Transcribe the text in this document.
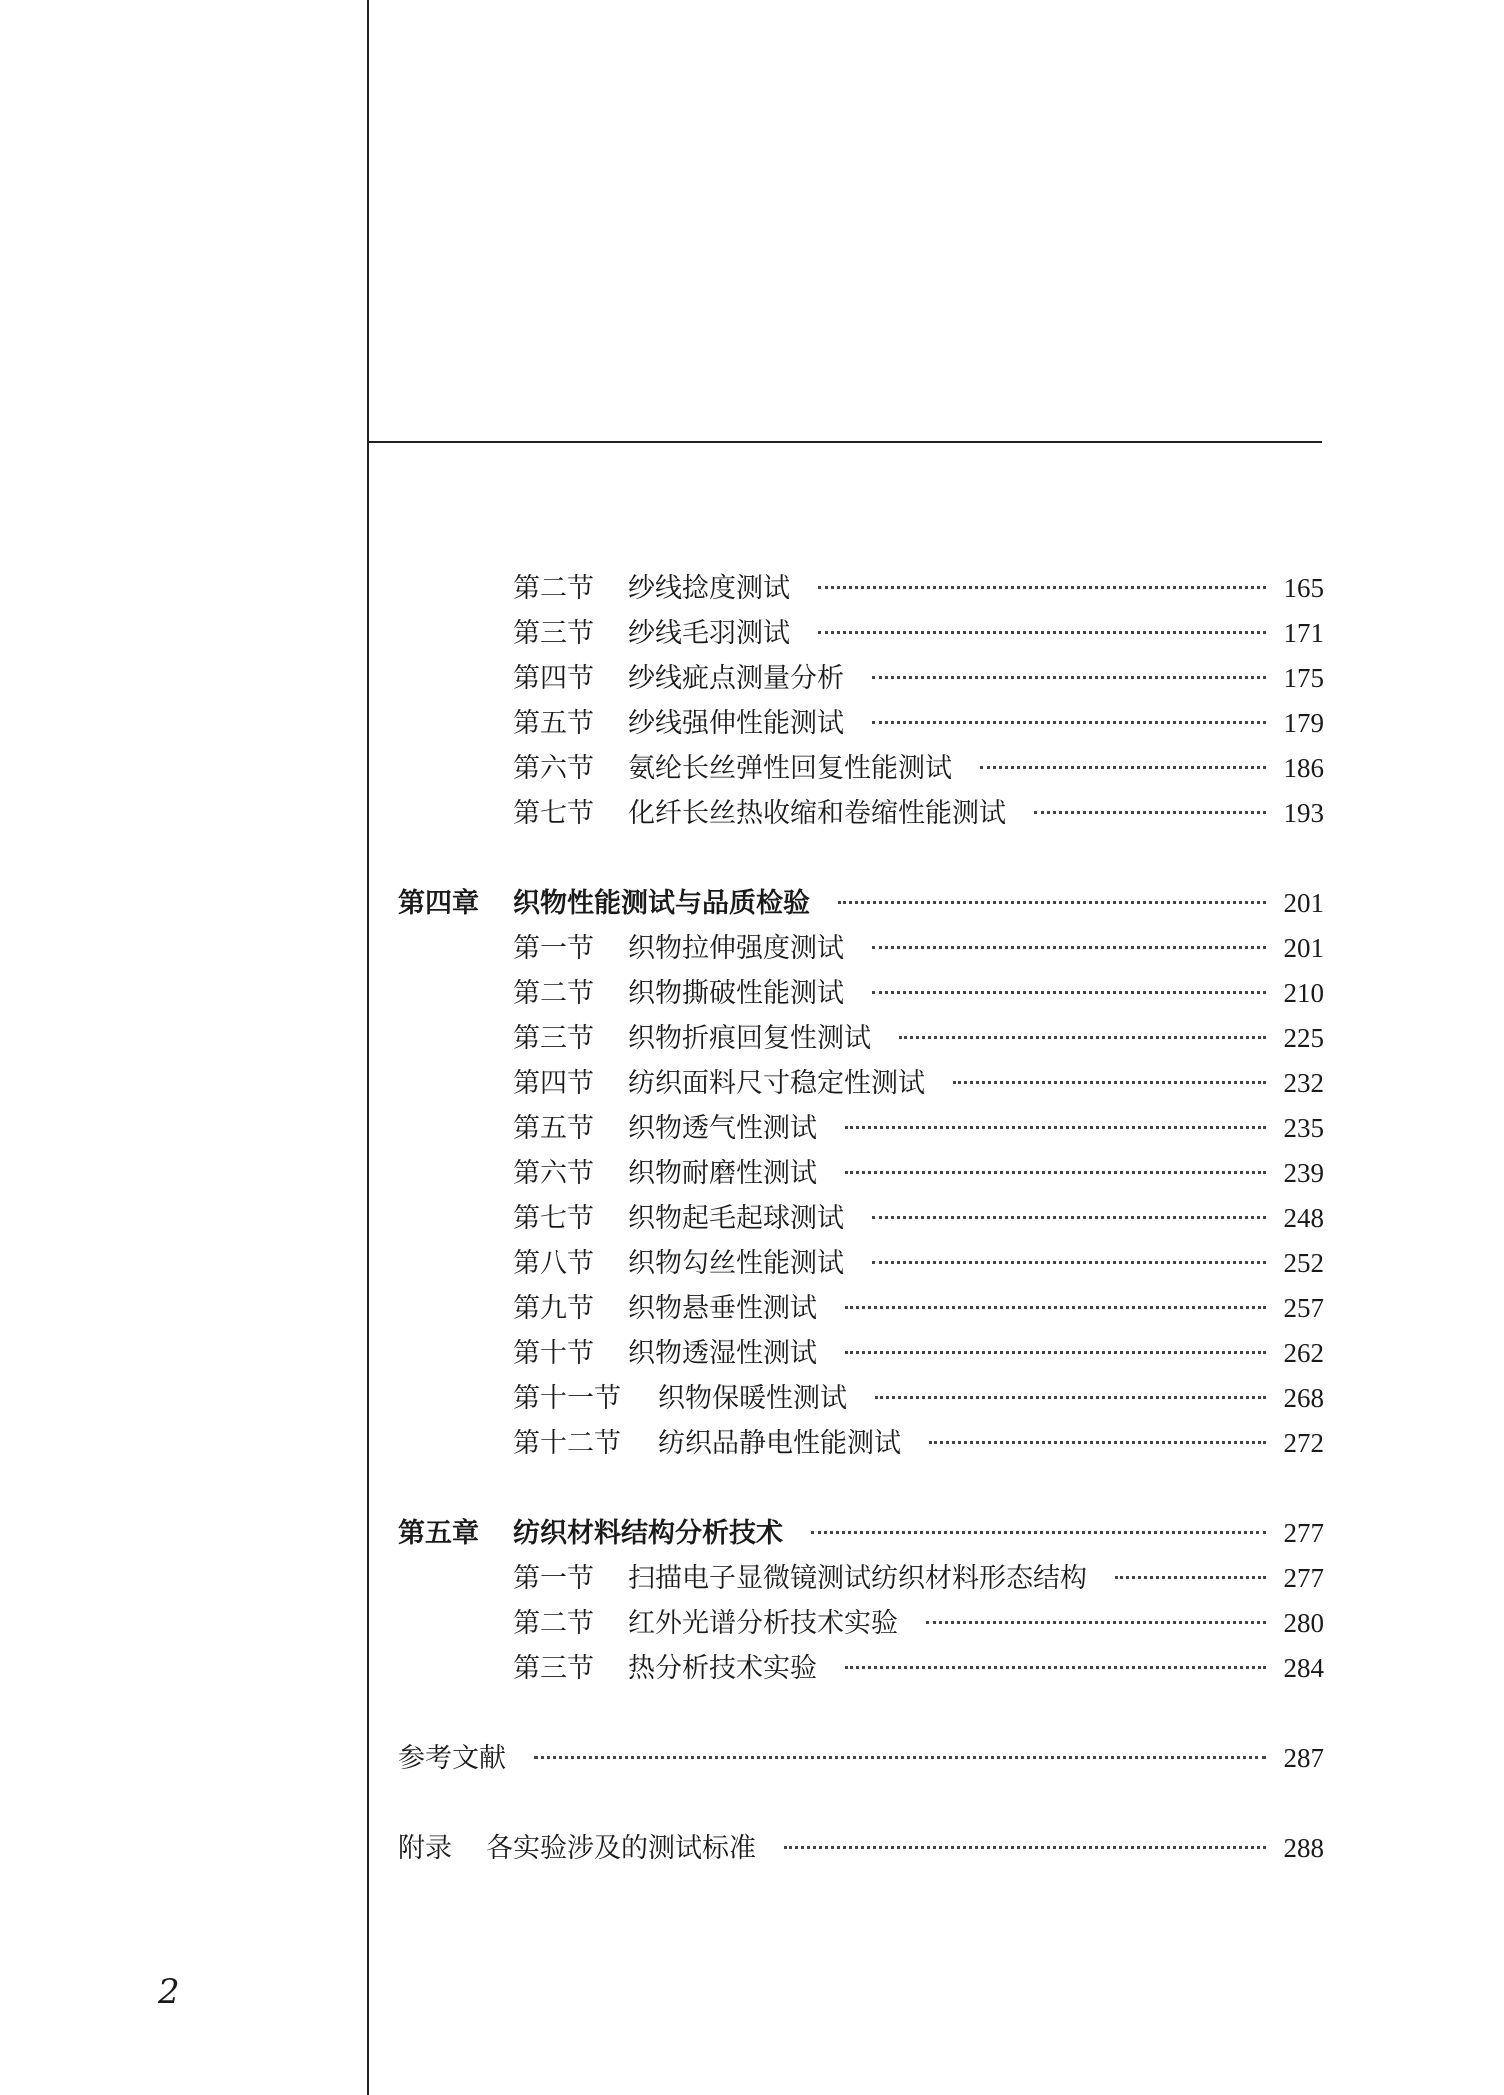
第二节	纱线捻度测试	165
第三节	纱线毛羽测试	171
第四节	纱线疵点测量分析	175
第五节	纱线强伸性能测试	179
第六节	氨纶长丝弹性回复性能测试	186
第七节	化纤长丝热收缩和卷缩性能测试	193
第四章	织物性能测试与品质检验	201
第一节	织物拉伸强度测试	201
第二节	织物撕破性能测试	210
第三节	织物折痕回复性测试	225
第四节	纺织面料尺寸稳定性测试	232
第五节	织物透气性测试	235
第六节	织物耐磨性测试	239
第七节	织物起毛起球测试	248
第八节	织物勾丝性能测试	252
第九节	织物悬垂性测试	257
第十节	织物透湿性测试	262
第十一节	织物保暖性测试	268
第十二节	纺织品静电性能测试	272
第五章	纺织材料结构分析技术	277
第一节	扫描电子显微镜测试纺织材料形态结构	277
第二节	红外光谱分析技术实验	280
第三节	热分析技术实验	284
参考文献	287
附录	各实验涉及的测试标准	288
2
